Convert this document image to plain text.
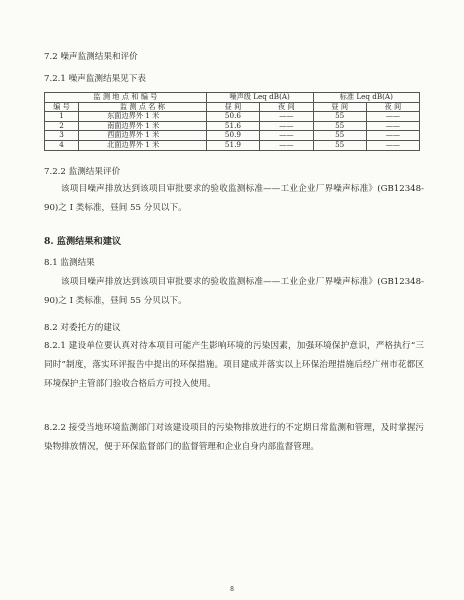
7.2 噪声监测结果和评价
7.2.1 噪声监测结果见下表
监 测 地 点 和 编 号		噪声级 Leq dB(A)		标准 Leq dB(A)	
编 号	监 测 点 名 称	昼 间	夜 间	昼 间	夜 间
1	东面边界外 1 米	50.6	——	55	——
2	南面边界外 1 米	51.6	——	55	——
3	西面边界外 1 米	50.9	——	55	——
4	北面边界外 1 米	51.9	——	55	——
7.2.2 监测结果评价
该项目噪声排放达到该项目审批要求的验收监测标准——工业企业厂界噪声标准》(GB12348-90)之 I 类标准，昼间 55 分贝以下。
8. 监测结果和建议
8.1 监测结果
该项目噪声排放达到该项目审批要求的验收监测标准——工业企业厂界噪声标准》(GB12348-90)之 I 类标准，昼间 55 分贝以下。
8.2 对委托方的建议
8.2.1 建设单位要认真对待本项目可能产生影响环境的污染因素，加强环境保护意识，严格执行“三同时”制度，落实环评报告中提出的环保措施。项目建成并落实以上环保治理措施后经广州市花都区环境保护主管部门验收合格后方可投入使用。
8.2.2 接受当地环境监测部门对该建设项目的污染物排放进行的不定期日常监测和管理，及时掌握污染物排放情况，便于环保监督部门的监督管理和企业自身内部监督管理。
8
